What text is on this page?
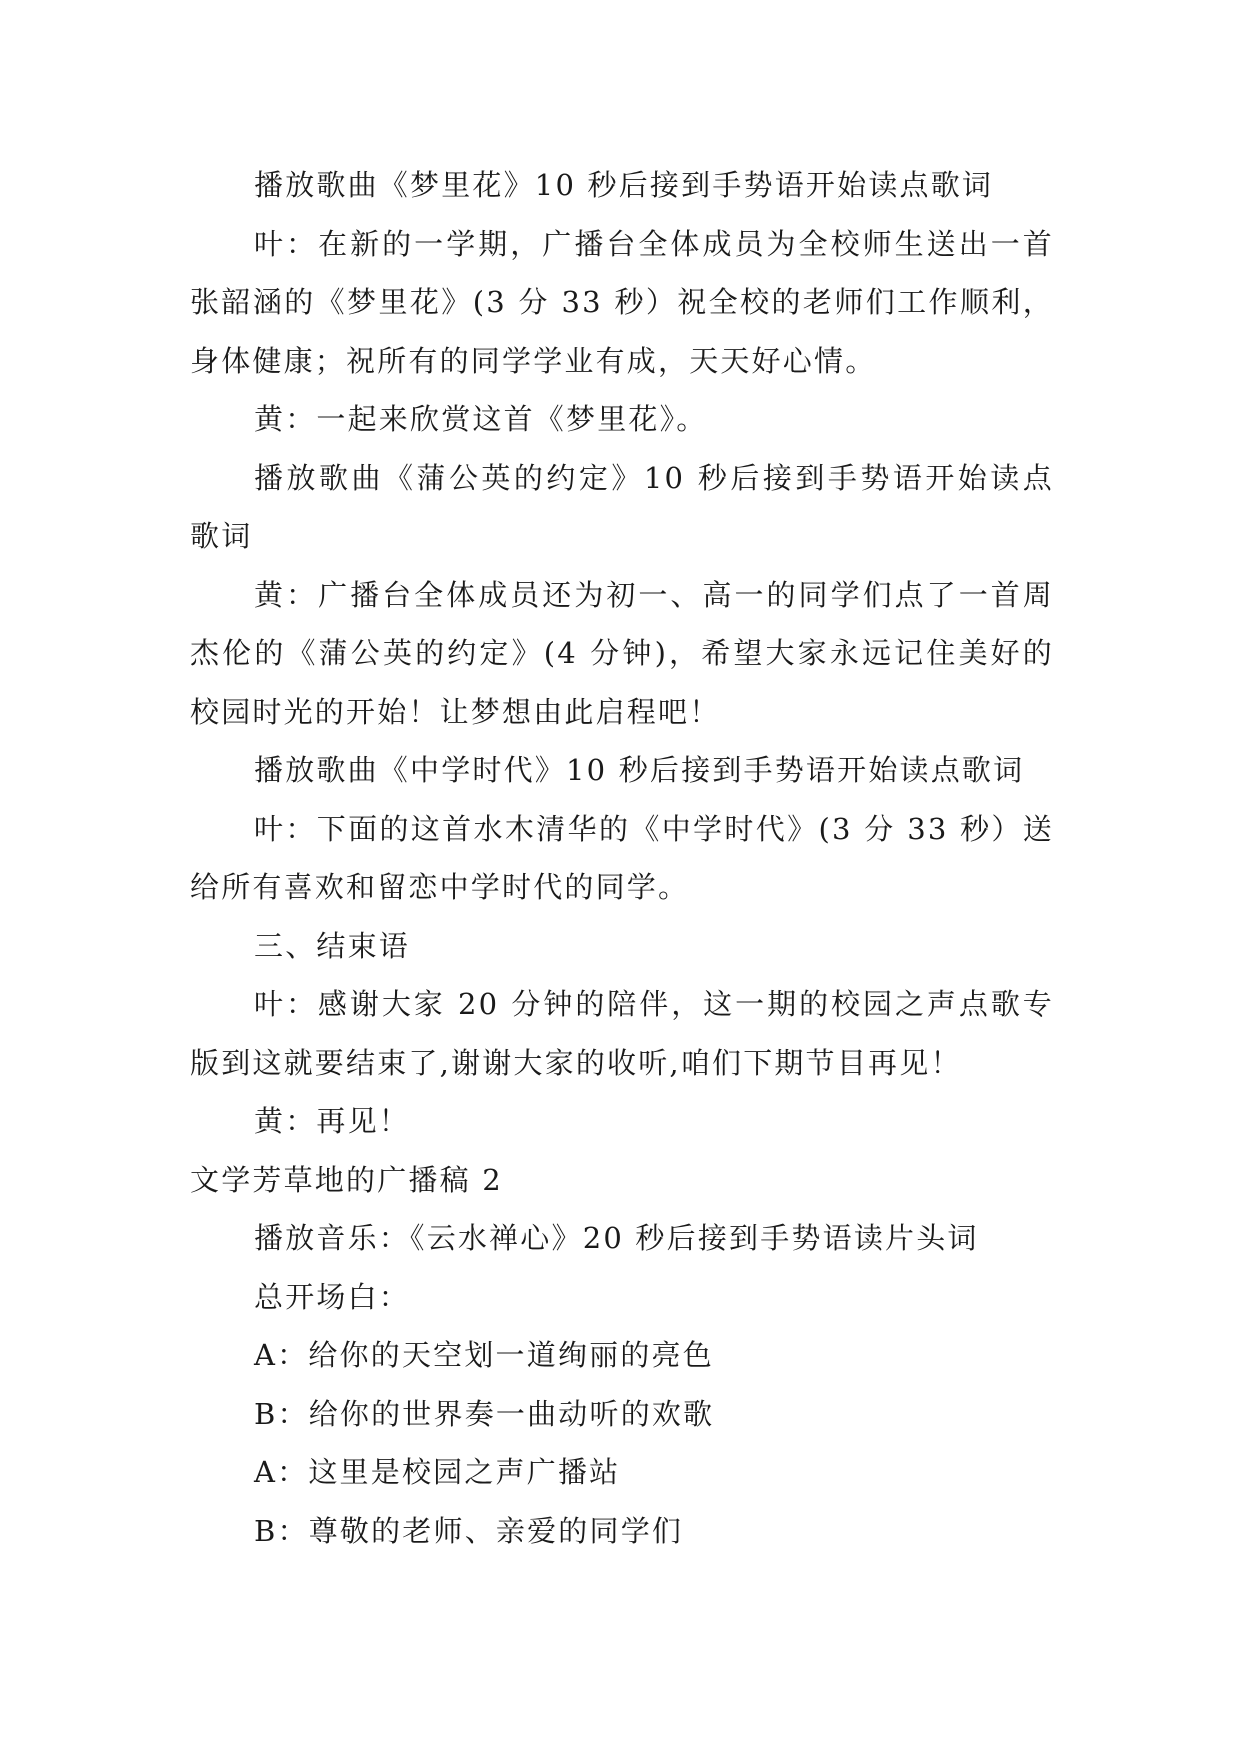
播放歌曲《梦里花》10 秒后接到手势语开始读点歌词

叶：在新的一学期，广播台全体成员为全校师生送出一首张韶涵的《梦里花》(3 分 33 秒）祝全校的老师们工作顺利，身体健康；祝所有的同学学业有成，天天好心情。

黄：一起来欣赏这首《梦里花》。

播放歌曲《蒲公英的约定》10 秒后接到手势语开始读点歌词

黄：广播台全体成员还为初一、高一的同学们点了一首周杰伦的《蒲公英的约定》(4 分钟)，希望大家永远记住美好的校园时光的开始！让梦想由此启程吧！

播放歌曲《中学时代》10 秒后接到手势语开始读点歌词

叶：下面的这首水木清华的《中学时代》(3 分 33 秒）送给所有喜欢和留恋中学时代的同学。

三、结束语

叶：感谢大家 20 分钟的陪伴，这一期的校园之声点歌专版到这就要结束了,谢谢大家的收听,咱们下期节目再见！

黄：再见！

文学芳草地的广播稿 2

播放音乐：《云水禅心》20 秒后接到手势语读片头词

总开场白：

A：给你的天空划一道绚丽的亮色

B：给你的世界奏一曲动听的欢歌

A：这里是校园之声广播站

B：尊敬的老师、亲爱的同学们
